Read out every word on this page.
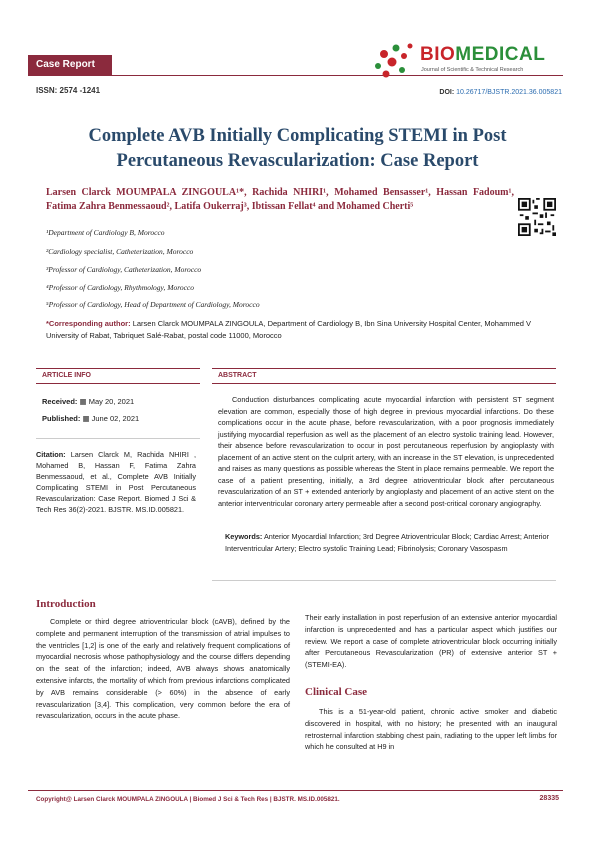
Case Report
ISSN: 2574 -1241	DOI: 10.26717/BJSTR.2021.36.005821
BIOMEDICAL
Journal of Scientific & Technical Research
Complete AVB Initially Complicating STEMI in Post Percutaneous Revascularization: Case Report
Larsen Clarck MOUMPALA ZINGOULA¹*, Rachida NHIRI¹, Mohamed Bensasser¹, Hassan Fadoum¹, Fatima Zahra Benmessaoud², Latifa Oukerraj³, Ibtissan Fellat⁴ and Mohamed Cherti⁵
¹Department of Cardiology B, Morocco
²Cardiology specialist, Catheterization, Morocco
³Professor of Cardiology, Catheterization, Morocco
⁴Professor of Cardiology, Rhythmology, Morocco
⁵Professor of Cardiology, Head of Department of Cardiology, Morocco
*Corresponding author: Larsen Clarck MOUMPALA ZINGOULA, Department of Cardiology B, Ibn Sina University Hospital Center, Mohammed V University of Rabat, Tabriquet Salé-Rabat, postal code 11000, Morocco
ARTICLE INFO	ABSTRACT
Received: ▦ May 20, 2021
Published: ▦ June 02, 2021
Citation: Larsen Clarck M, Rachida NHIRI , Mohamed B, Hassan F, Fatima Zahra Benmessaoud, et al., Complete AVB Initially Complicating STEMI in Post Percutaneous Revascularization: Case Report. Biomed J Sci & Tech Res 36(2)-2021. BJSTR. MS.ID.005821.
Conduction disturbances complicating acute myocardial infarction with persistent ST segment elevation are common, especially those of high degree in previous myocardial infarctions. Do these complications occur in the acute phase, before revascularization, with a poor prognosis immediately justifying myocardial reperfusion as well as the placement of an electro systolic training lead. However, their absence before revascularization to occur in post percutaneous reperfusion by angioplasty with placement of an active stent on the culprit artery, with an increase in the ST elevation, is unprecedented and raises as many questions as possible whereas the Stent in place remains permeable. We report the case of a patient presenting, initially, a 3rd degree atrioventricular block after percutaneous revascularization of an ST + extended anteriorly by angioplasty and placement of an active stent on the anterior interventricular coronary artery permeable after a second post-critical coronary angiography.
Keywords: Anterior Myocardial Infarction; 3rd Degree Atrioventricular Block; Cardiac Arrest; Anterior Interventricular Artery; Electro systolic Training Lead; Fibrinolysis; Coronary Vasospasm
Introduction
Complete or third degree atrioventricular block (cAVB), defined by the complete and permanent interruption of the transmission of atrial impulses to the ventricles [1,2] is one of the early and relatively frequent complications of myocardial necrosis whose pathophysiology and the course differs depending on the seat of the infarction; indeed, AVB always shows anatomically extensive infarcts, the mortality of which from previous infarctions complicated by AVB remains considerable (> 60%) in the absence of early revascularization [3,4]. This complication, very common before the era of revascularization, occurs in the acute phase.
Their early installation in post reperfusion of an extensive anterior myocardial infarction is unprecedented and has a particular aspect which justifies our review. We report a case of complete atrioventricular block occurring initially after Percutaneous Revascularization (PR) of extensive anterior ST + (STEMI-EA).
Clinical Case
This is a 51-year-old patient, chronic active smoker and diabetic discovered in hospital, with no history; he presented with an inaugural retrosternal infarction stabbing chest pain, radiating to the upper left limbs for which he consulted at H9 in
Copyright@ Larsen Clarck MOUMPALA ZINGOULA | Biomed J Sci & Tech Res | BJSTR. MS.ID.005821.	28335
